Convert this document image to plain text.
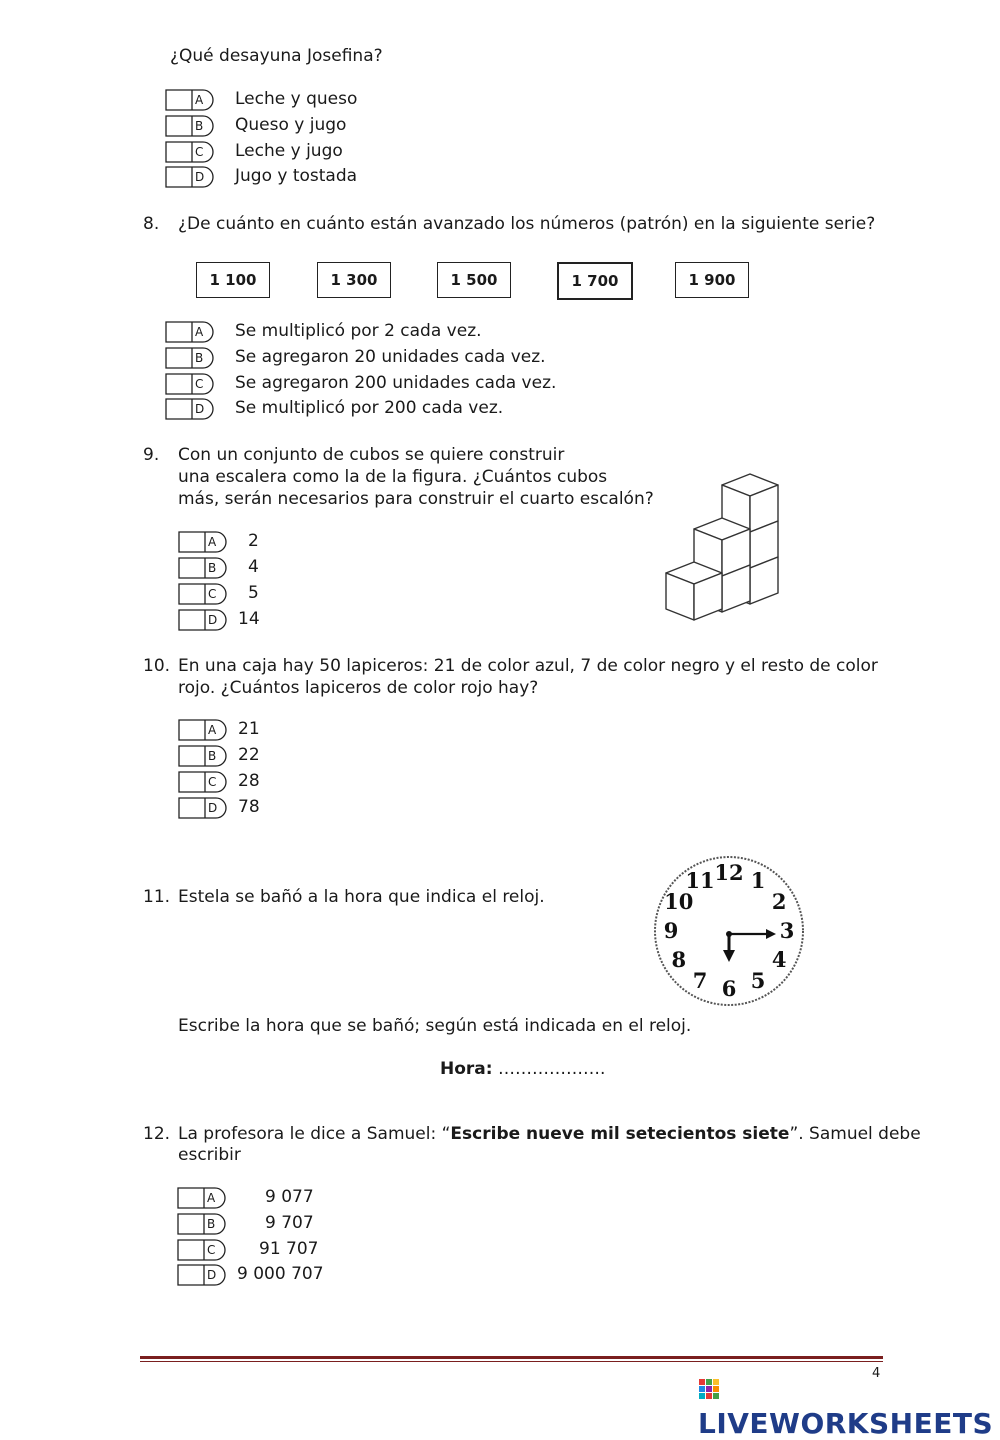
¿Qué desayuna Josefina?
A Leche y queso
B Queso y jugo
C Leche y jugo
D Jugo y tostada
8. ¿De cuánto en cuánto están avanzado los números (patrón) en la siguiente serie?
1 100	1 300	1 500	1 700	1 900
A Se multiplicó por 2 cada vez.
B Se agregaron 20 unidades cada vez.
C Se agregaron 200 unidades cada vez.
D Se multiplicó por 200 cada vez.
9. Con un conjunto de cubos se quiere construir
una escalera como la de la figura. ¿Cuántos cubos
más, serán necesarios para construir el cuarto escalón?
A 2
B 4
C 5
D 14
10. En una caja hay 50 lapiceros: 21 de color azul, 7 de color negro y el resto de color
rojo. ¿Cuántos lapiceros de color rojo hay?
A 21
B 22
C 28
D 78
11. Estela se bañó a la hora que indica el reloj.
12 1
2
3
4
5
6
7
8
9
10
11
Escribe la hora que se bañó; según está indicada en el reloj.
Hora: ……………….
12. La profesora le dice a Samuel: “Escribe nueve mil setecientos siete”. Samuel debe
escribir
A	9 077
B	9 707
C	91 707
D 9 000 707
4
LIVEWORKSHEETS
